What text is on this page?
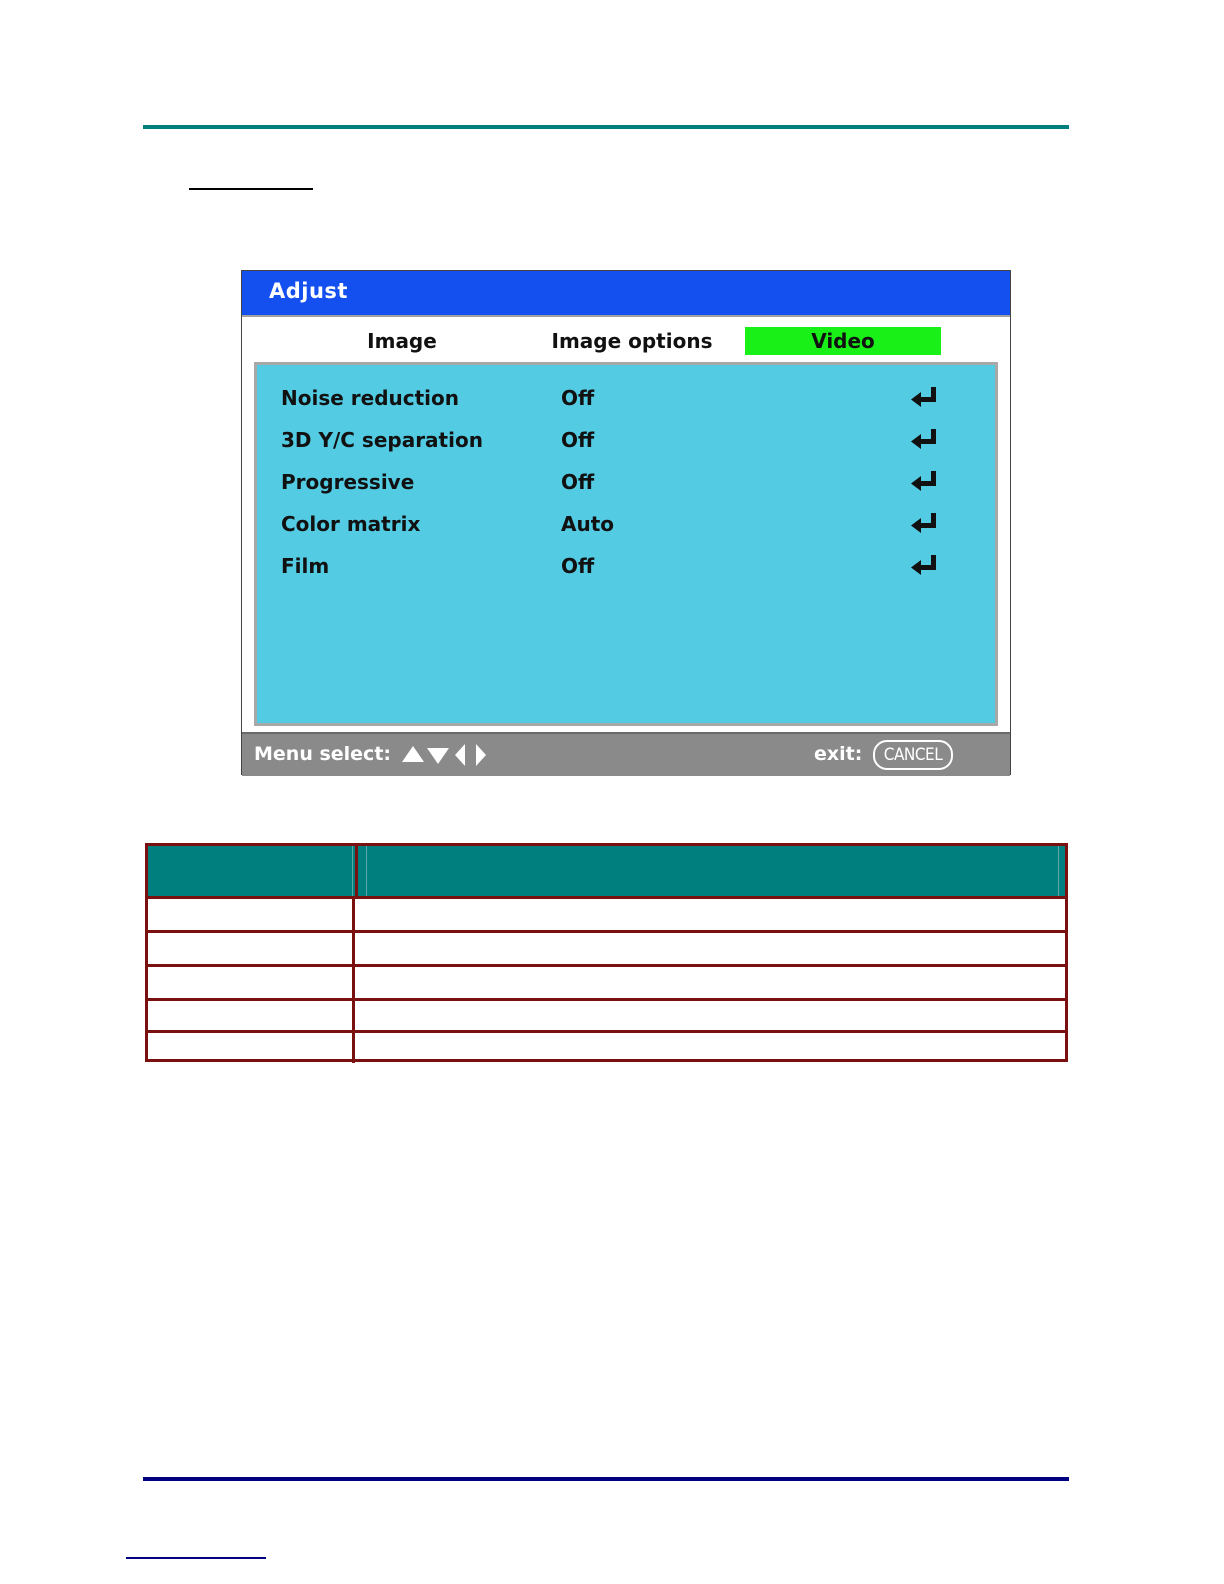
Adjust
Image	Image options	Video
Noise reduction	Off
3D Y/C separation	Off
Progressive	Off
Color matrix	Auto
Film	Off
Menu select:	exit:	CANCEL
